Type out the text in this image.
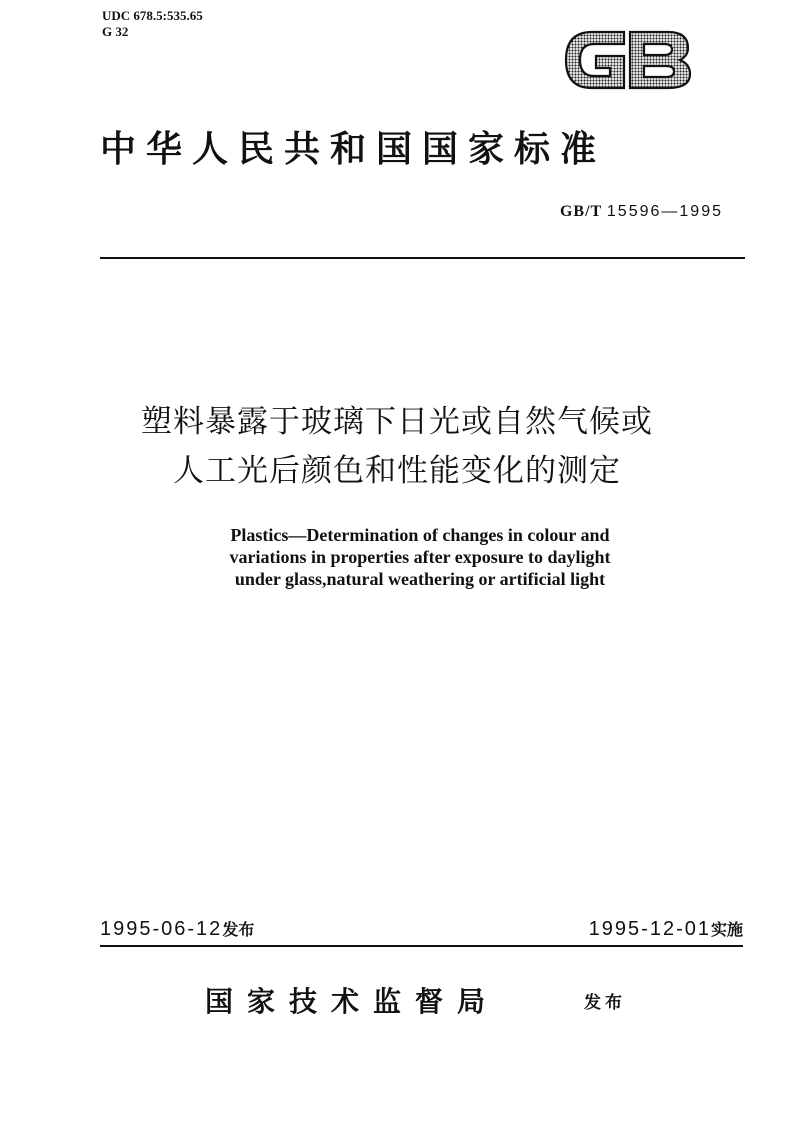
UDC 678.5:535.65
G 32
中华人民共和国国家标准
GB/T 15596—1995
塑料暴露于玻璃下日光或自然气候或
人工光后颜色和性能变化的测定
Plastics—Determination of changes in colour and
variations in properties after exposure to daylight
under glass,natural weathering or artificial light
1995-06-12发布	1995-12-01实施
国家技术监督局	发布
